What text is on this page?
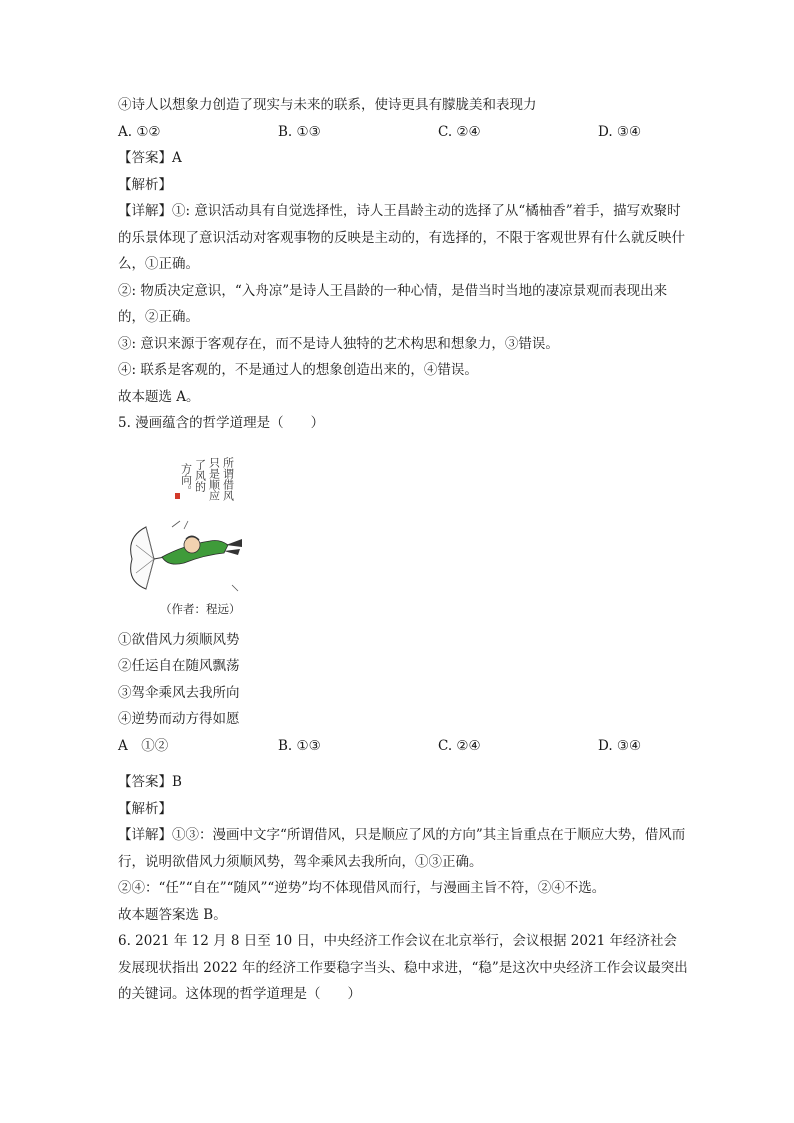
④诗人以想象力创造了现实与未来的联系，使诗更具有朦胧美和表现力

A. ①②	B. ①③	C. ②④	D. ③④

【答案】A

【解析】

【详解】①: 意识活动具有自觉选择性，诗人王昌龄主动的选择了从“橘柚香”着手，描写欢聚时的乐景体现了意识活动对客观事物的反映是主动的，有选择的，不限于客观世界有什么就反映什么，①正确。

②: 物质决定意识，“入舟凉”是诗人王昌龄的一种心情，是借当时当地的凄凉景观而表现出来的，②正确。

③: 意识来源于客观存在，而不是诗人独特的艺术构思和想象力，③错误。

④: 联系是客观的，不是通过人的想象创造出来的，④错误。

故本题选 A。

5. 漫画蕴含的哲学道理是（　　）

所谓借风
只是顺应
了风的
方向。
（作者：程远）

①欲借风力须顺风势

②任运自在随风飘荡

③驾伞乘风去我所向

④逆势而动方得如愿

A　①②	B. ①③	C. ②④	D. ③④

【答案】B

【解析】

【详解】①③：漫画中文字“所谓借风，只是顺应了风的方向”其主旨重点在于顺应大势，借风而行，说明欲借风力须顺风势，驾伞乘风去我所向，①③正确。

②④：“任”“自在”“随风”“逆势”均不体现借风而行，与漫画主旨不符，②④不选。

故本题答案选 B。

6. 2021 年 12 月 8 日至 10 日，中央经济工作会议在北京举行，会议根据 2021 年经济社会发展现状指出 2022 年的经济工作要稳字当头、稳中求进，“稳”是这次中央经济工作会议最突出的关键词。这体现的哲学道理是（　　）
